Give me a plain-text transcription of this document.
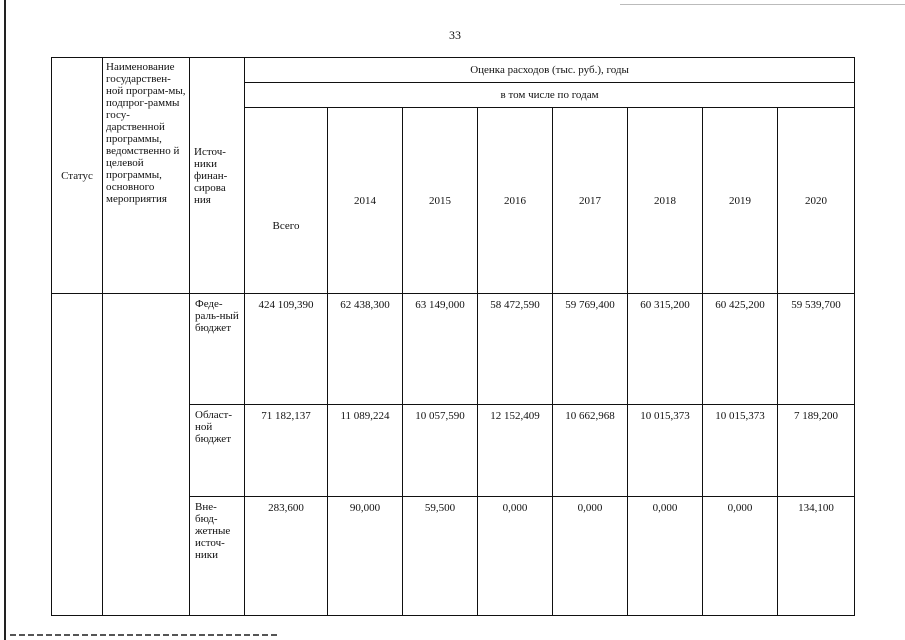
33
Статус	Наименование государствен-ной програм-мы, подпрог-раммы госу-дарственной программы, ведомственно й целевой программы, основного мероприятия	Источ-ники финан-сирова ния	Оценка расходов (тыс. руб.), годы							
			в том числе по годам							
			Всего	2014	2015	2016	2017	2018	2019	2020
		Феде-раль-ный бюджет	424 109,390	62 438,300	63 149,000	58 472,590	59 769,400	60 315,200	60 425,200	59 539,700
		Област-ной бюджет	71 182,137	11 089,224	10 057,590	12 152,409	10 662,968	10 015,373	10 015,373	7 189,200
		Вне-бюд-жетные источ-ники	283,600	90,000	59,500	0,000	0,000	0,000	0,000	134,100
